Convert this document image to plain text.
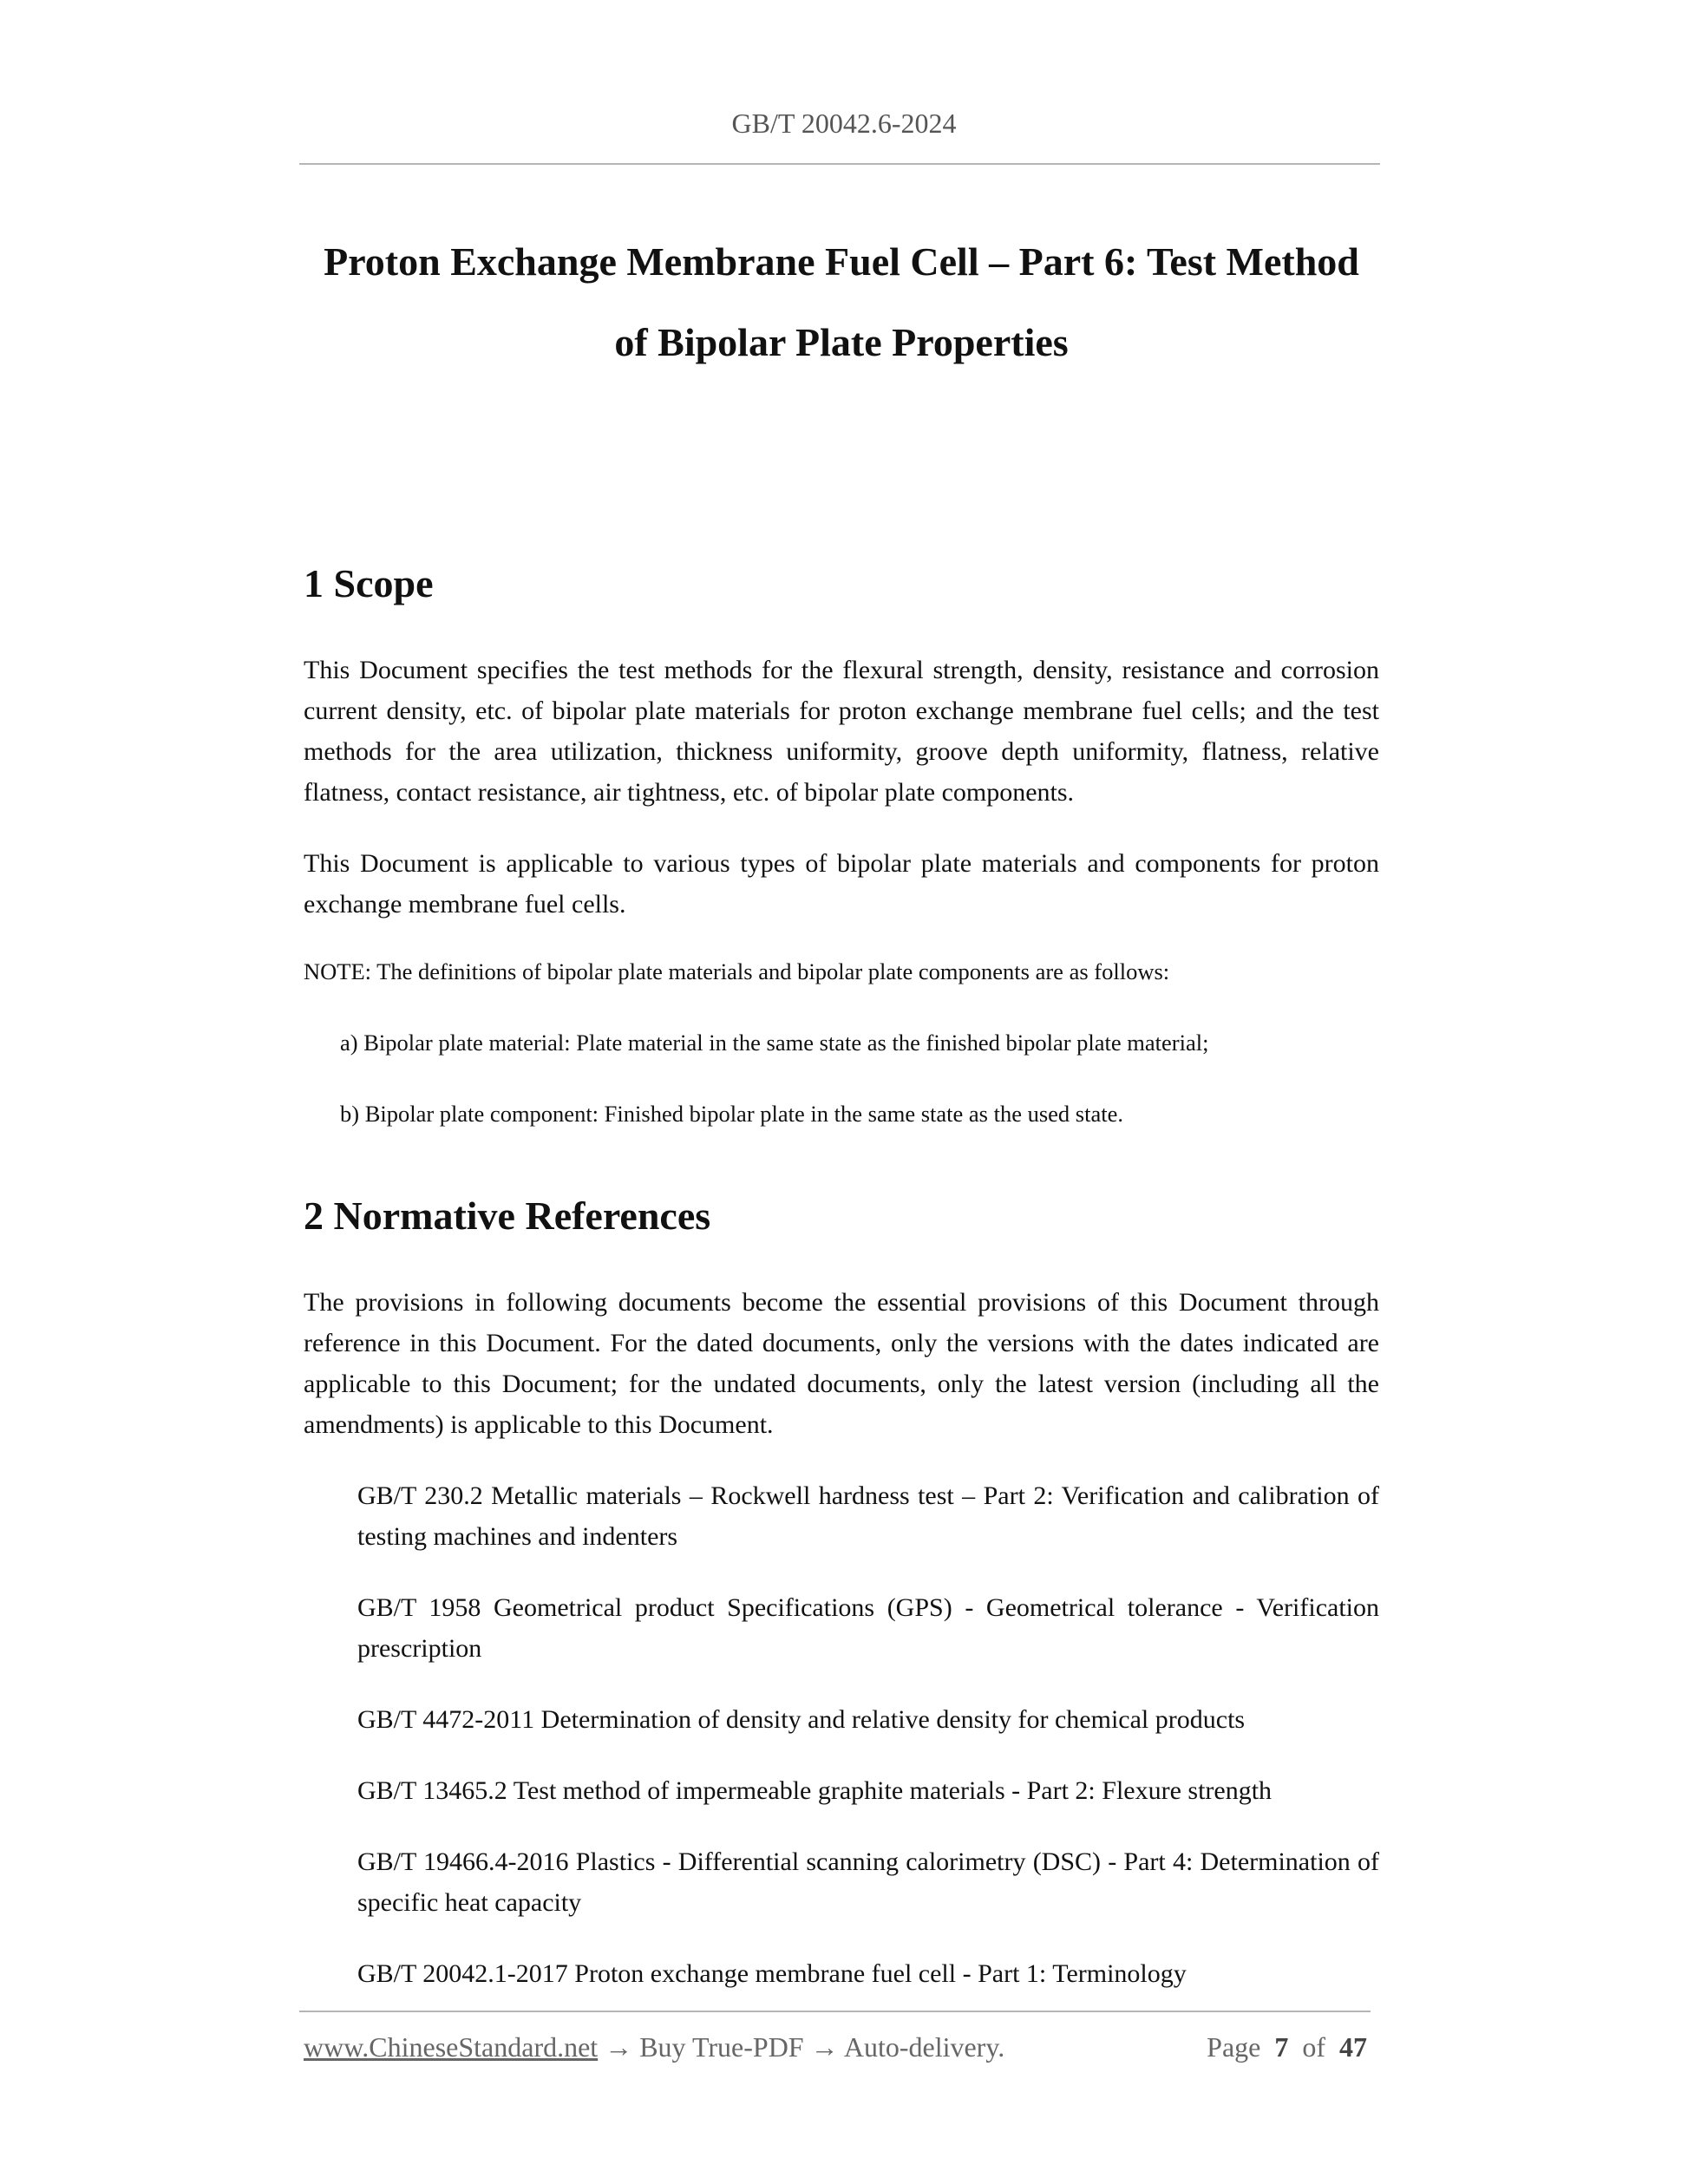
GB/T 20042.6-2024
Proton Exchange Membrane Fuel Cell – Part 6: Test Method
of Bipolar Plate Properties
1 Scope

This Document specifies the test methods for the flexural strength, density, resistance and corrosion current density, etc. of bipolar plate materials for proton exchange membrane fuel cells; and the test methods for the area utilization, thickness uniformity, groove depth uniformity, flatness, relative flatness, contact resistance, air tightness, etc. of bipolar plate components.

This Document is applicable to various types of bipolar plate materials and components for proton exchange membrane fuel cells.

NOTE: The definitions of bipolar plate materials and bipolar plate components are as follows:

a) Bipolar plate material: Plate material in the same state as the finished bipolar plate material;

b) Bipolar plate component: Finished bipolar plate in the same state as the used state.

2 Normative References

The provisions in following documents become the essential provisions of this Document through reference in this Document. For the dated documents, only the versions with the dates indicated are applicable to this Document; for the undated documents, only the latest version (including all the amendments) is applicable to this Document.

GB/T 230.2 Metallic materials – Rockwell hardness test – Part 2: Verification and calibration of testing machines and indenters
GB/T 1958 Geometrical product Specifications (GPS) - Geometrical tolerance - Verification prescription
GB/T 4472-2011 Determination of density and relative density for chemical products
GB/T 13465.2 Test method of impermeable graphite materials - Part 2: Flexure strength
GB/T 19466.4-2016 Plastics - Differential scanning calorimetry (DSC) - Part 4: Determination of specific heat capacity
GB/T 20042.1-2017 Proton exchange membrane fuel cell - Part 1: Terminology
www.ChineseStandard.net → Buy True-PDF → Auto-delivery.	Page 7 of 47
